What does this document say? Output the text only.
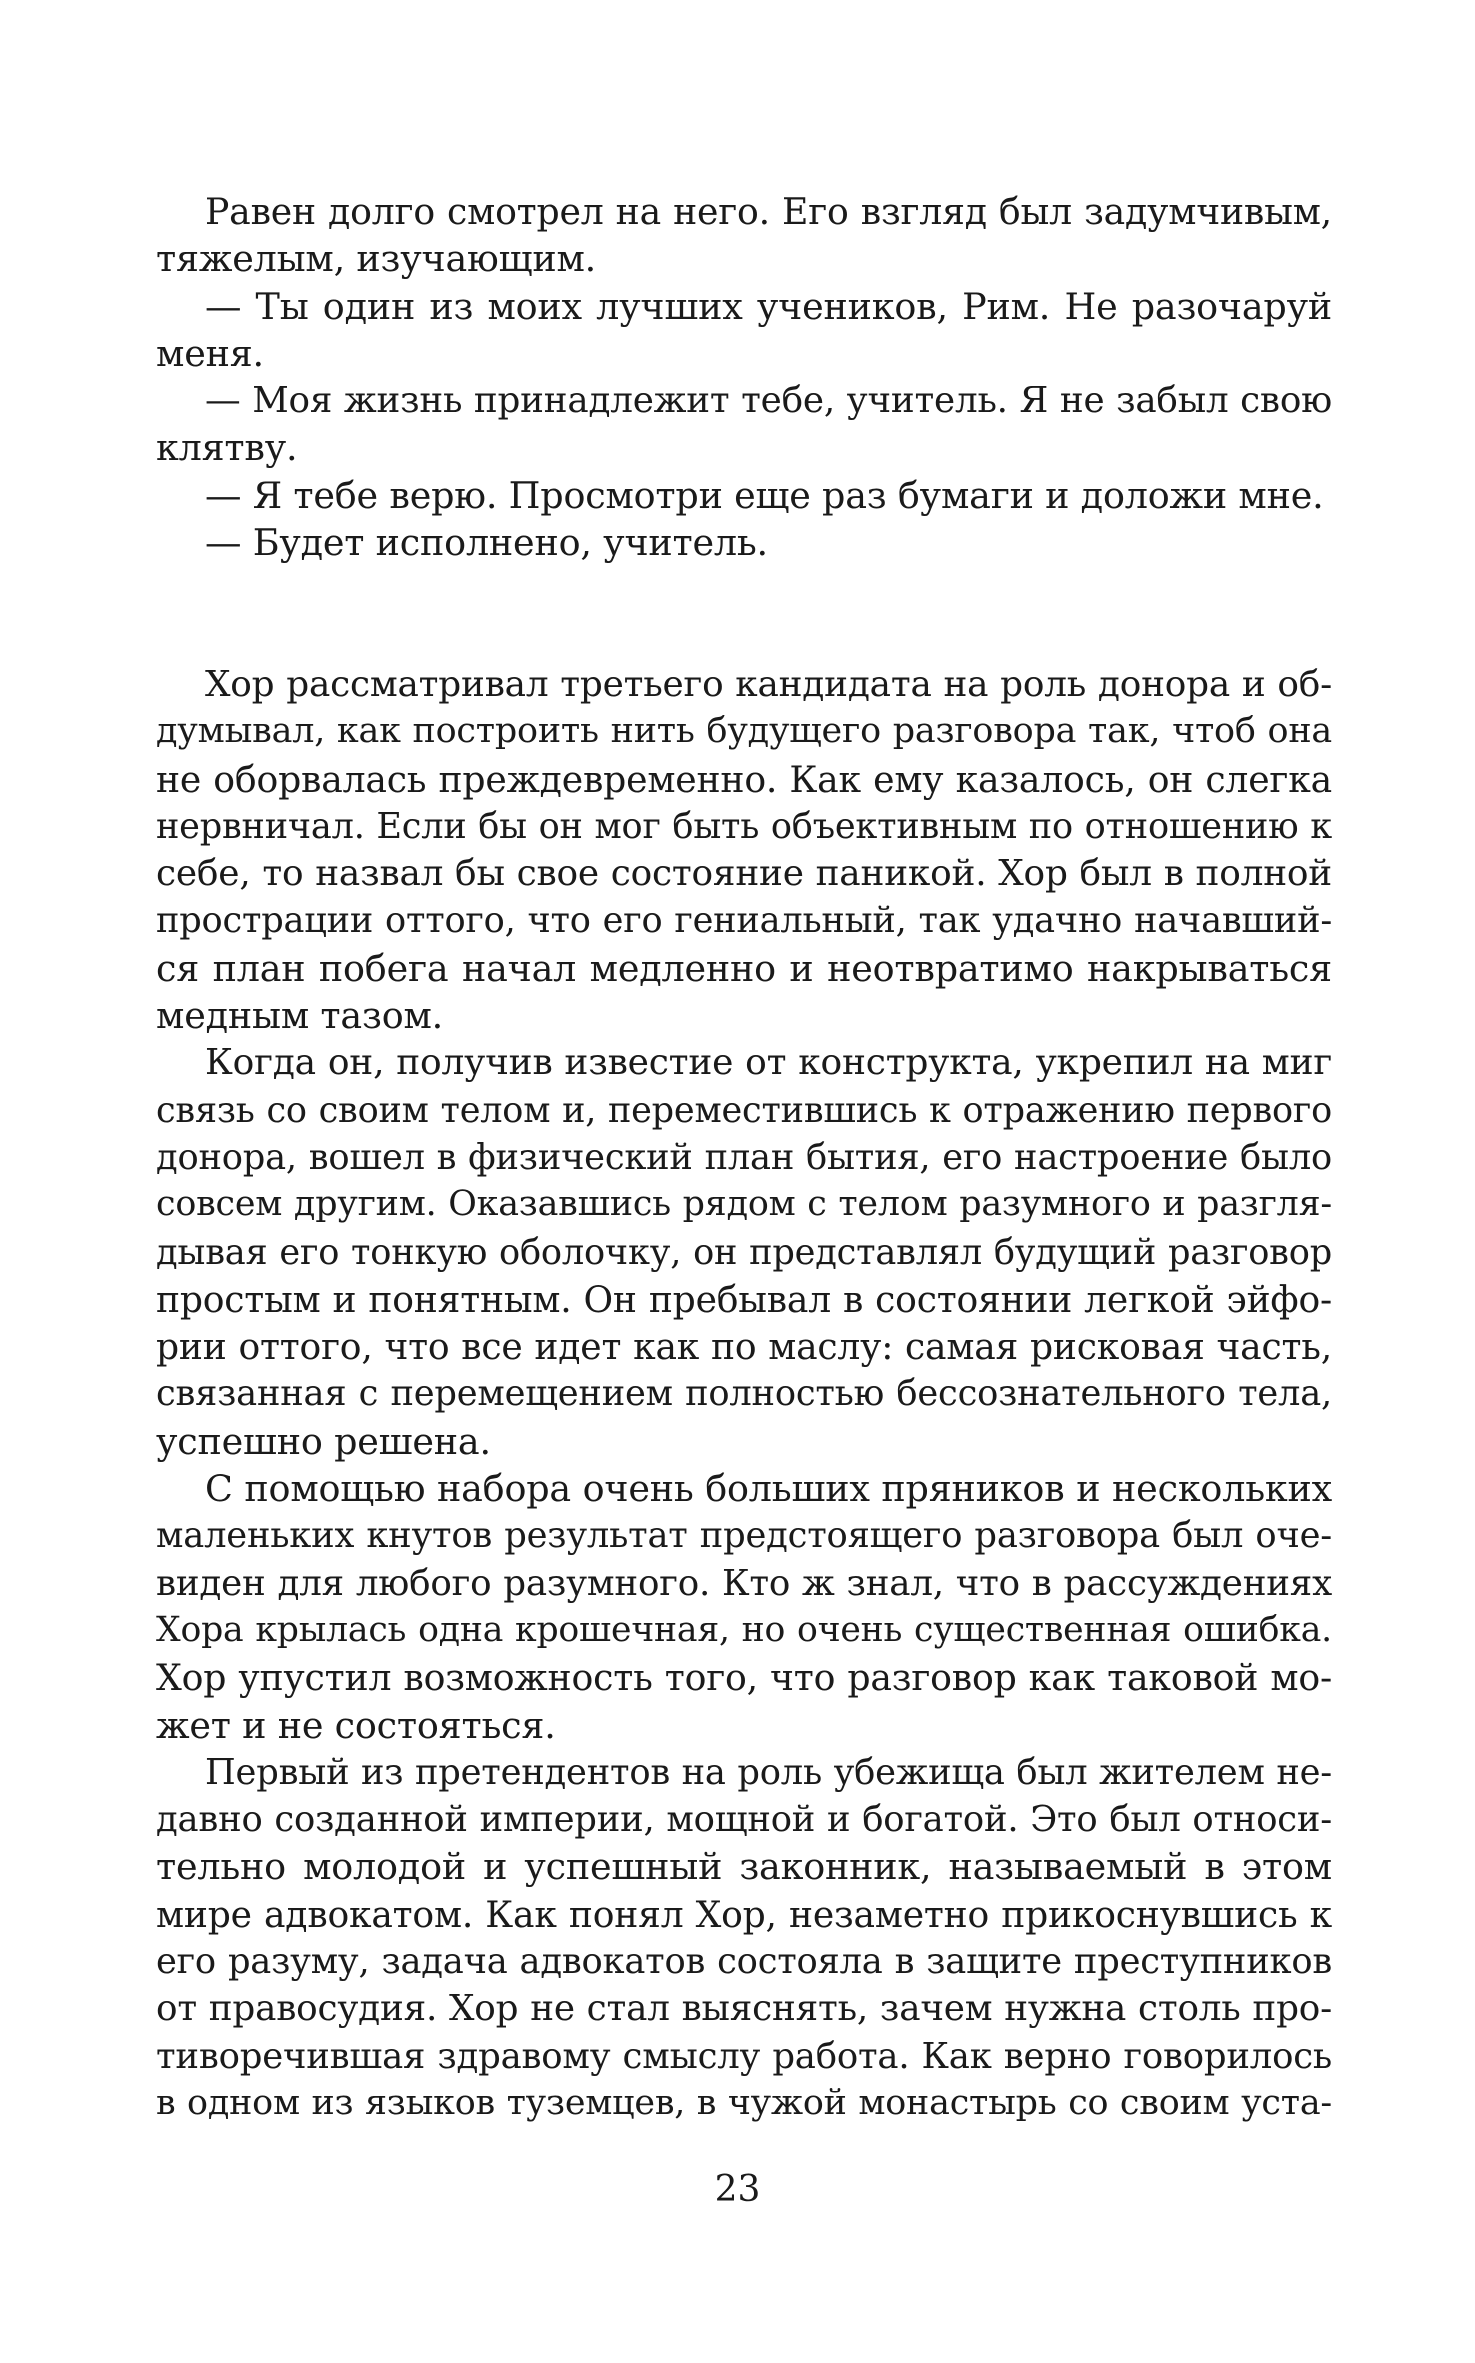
Равен долго смотрел на него. Его взгляд был задумчивым,
тяжелым, изучающим.
— Ты один из моих лучших учеников, Рим. Не разочаруй
меня.
— Моя жизнь принадлежит тебе, учитель. Я не забыл свою
клятву.
— Я тебе верю. Просмотри еще раз бумаги и доложи мне.
— Будет исполнено, учитель.
Хор рассматривал третьего кандидата на роль донора и об-
думывал, как построить нить будущего разговора так, чтоб она
не оборвалась преждевременно. Как ему казалось, он слегка
нервничал. Если бы он мог быть объективным по отношению к
себе, то назвал бы свое состояние паникой. Хор был в полной
прострации оттого, что его гениальный, так удачно начавший-
ся план побега начал медленно и неотвратимо накрываться
медным тазом.
Когда он, получив известие от конструкта, укрепил на миг
связь со своим телом и, переместившись к отражению первого
донора, вошел в физический план бытия, его настроение было
совсем другим. Оказавшись рядом с телом разумного и разгля-
дывая его тонкую оболочку, он представлял будущий разговор
простым и понятным. Он пребывал в состоянии легкой эйфо-
рии оттого, что все идет как по маслу: самая рисковая часть,
связанная с перемещением полностью бессознательного тела,
успешно решена.
С помощью набора очень больших пряников и нескольких
маленьких кнутов результат предстоящего разговора был оче-
виден для любого разумного. Кто ж знал, что в рассуждениях
Хора крылась одна крошечная, но очень существенная ошибка.
Хор упустил возможность того, что разговор как таковой мо-
жет и не состояться.
Первый из претендентов на роль убежища был жителем не-
давно созданной империи, мощной и богатой. Это был относи-
тельно молодой и успешный законник, называемый в этом
мире адвокатом. Как понял Хор, незаметно прикоснувшись к
его разуму, задача адвокатов состояла в защите преступников
от правосудия. Хор не стал выяснять, зачем нужна столь про-
тиворечившая здравому смыслу работа. Как верно говорилось
в одном из языков туземцев, в чужой монастырь со своим уста-
23
